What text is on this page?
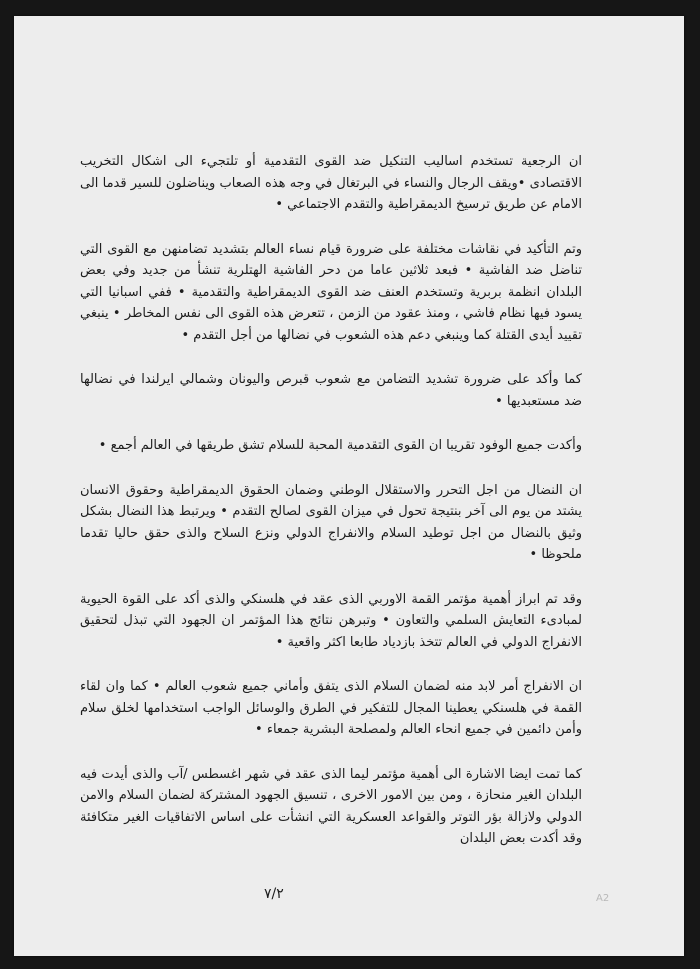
ان الرجعية تستخدم اساليب التنكيل ضد القوى التقدمية أو تلتجيء الى اشكال التخريب الاقتصادى •ويقف الرجال والنساء في البرتغال في وجه هذه الصعاب ويناضلون للسير قدما الى الامام عن طريق ترسيخ الديمقراطية والتقدم الاجتماعي •

وتم التأكيد في نقاشات مختلفة على ضرورة قيام نساء العالم بتشديد تضامنهن مع القوى التي تناضل ضد الفاشية • فبعد ثلاثين عاما من دحر الفاشية الهتلرية تنشأ من جديد وفي بعض البلدان انظمة بربرية وتستخدم العنف ضد القوى الديمقراطية والتقدمية • ففي اسبانيا التي يسود فيها نظام فاشي ، ومنذ عقود من الزمن ، تتعرض هذه القوى الى نفس المخاطر • ينبغي تقييد أيدى القتلة كما وينبغي دعم هذه الشعوب في نضالها من أجل التقدم •

كما وأكد على ضرورة تشديد التضامن مع شعوب قبرص واليونان وشمالي ايرلندا في نضالها ضد مستعبديها •

وأكدت جميع الوفود تقريبا ان القوى التقدمية المحبة للسلام تشق طريقها في العالم أجمع •

ان النضال من اجل التحرر والاستقلال الوطني وضمان الحقوق الديمقراطية وحقوق الانسان يشتد من يوم الى آخر بنتيجة تحول في ميزان القوى لصالح التقدم • ويرتبط هذا النضال بشكل وثيق بالنضال من اجل توطيد السلام والانفراج الدولي ونزع السلاح والذى حقق حاليا تقدما ملحوظا •

وقد تم ابراز أهمية مؤتمر القمة الاوربي الذى عقد في هلسنكي والذى أكد على القوة الحيوية لمبادىء التعايش السلمي والتعاون • وتبرهن نتائج هذا المؤتمر ان الجهود التي تبذل لتحقيق الانفراج الدولي في العالم تتخذ بازدياد طابعا اكثر واقعية •

ان الانفراج أمر لابد منه لضمان السلام الذى يتفق وأماني جميع شعوب العالم • كما وان لقاء القمة في هلسنكي يعطينا المجال للتفكير في الطرق والوسائل الواجب استخدامها لخلق سلام وأمن دائمين في جميع انحاء العالم ولمصلحة البشرية جمعاء •

كما تمت ايضا الاشارة الى أهمية مؤتمر ليما الذى عقد في شهر اغسطس /آب والذى أيدت فيه البلدان الغير منحازة ، ومن بين الامور الاخرى ، تنسيق الجهود المشتركة لضمان السلام والامن الدولي ولازالة بؤر التوتر والقواعد العسكرية التي انشأت على اساس الاتفاقيات الغير متكافئة وقد أكدت بعض البلدان

٧/٢	A2
